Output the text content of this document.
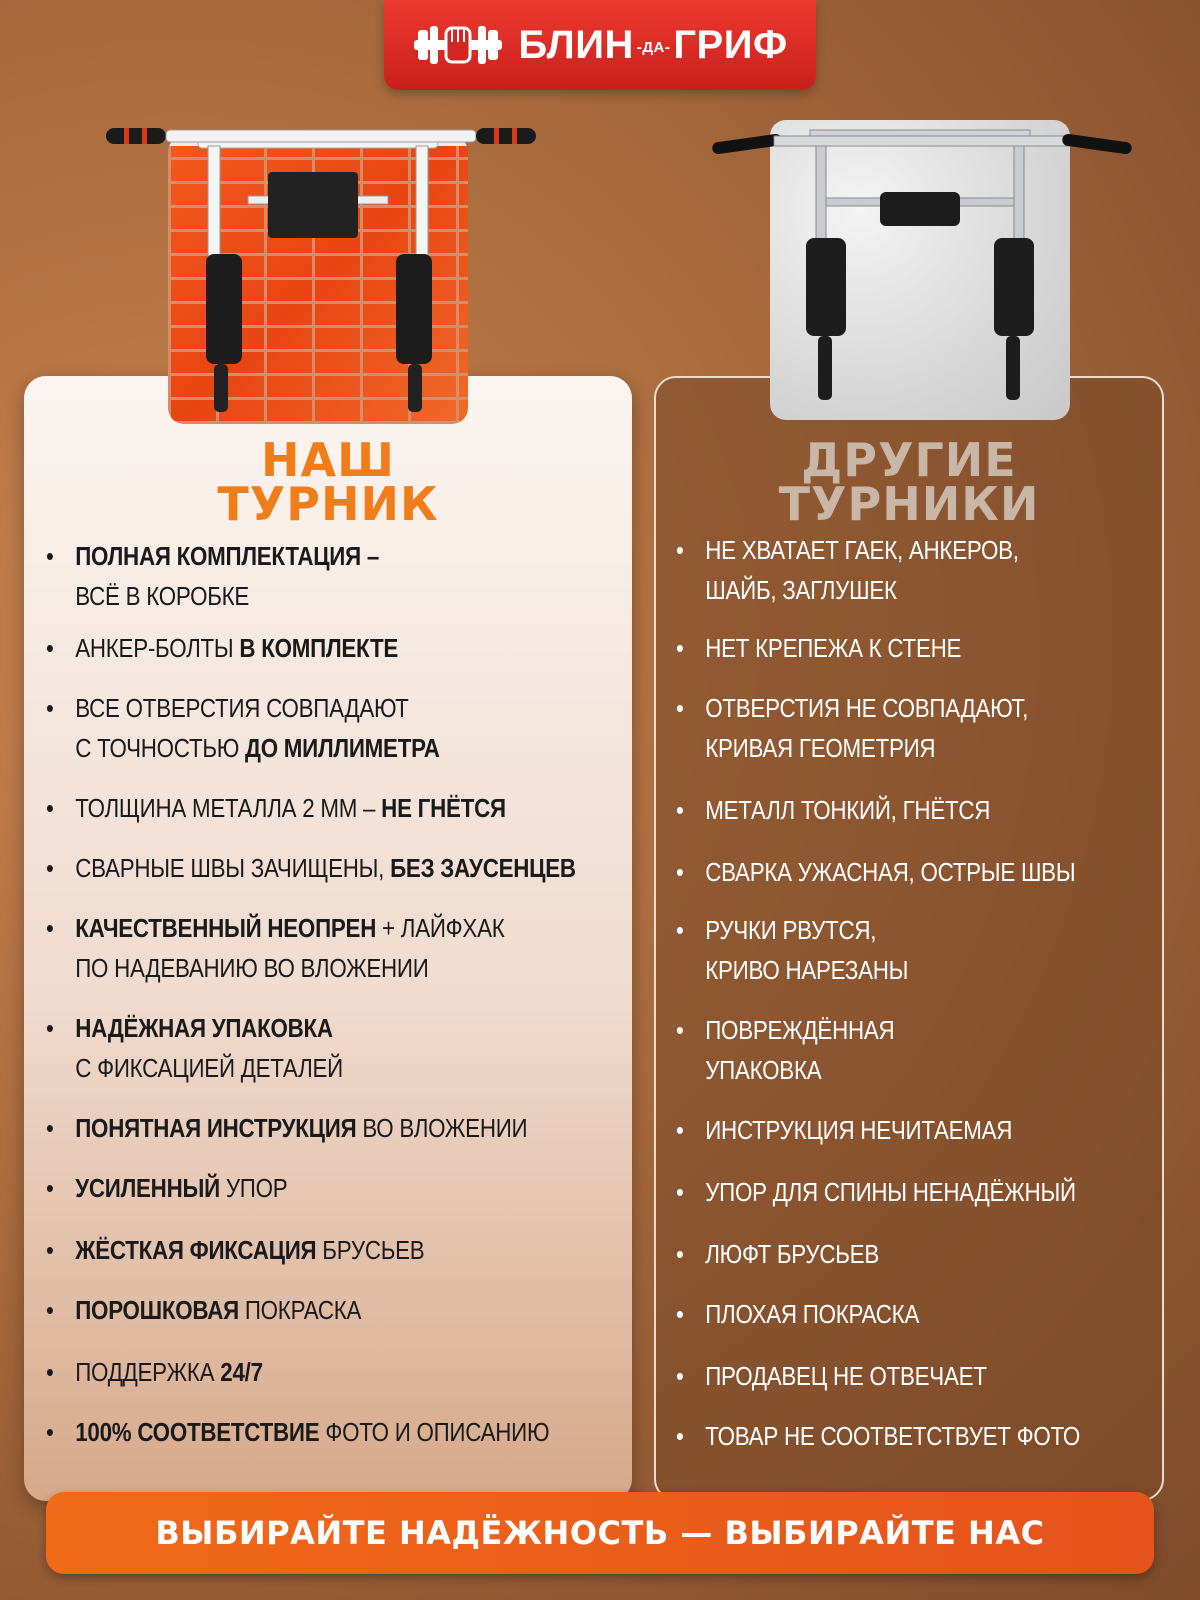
БЛИН -ДА- ГРИФ
НАШ
ТУРНИК
ДРУГИЕ
ТУРНИКИ
• ПОЛНАЯ КОМПЛЕКТАЦИЯ –
ВСЁ В КОРОБКЕ
• АНКЕР-БОЛТЫ В КОМПЛЕКТЕ
• ВСЕ ОТВЕРСТИЯ СОВПАДАЮТ
С ТОЧНОСТЬЮ ДО МИЛЛИМЕТРА
• ТОЛЩИНА МЕТАЛЛА 2 ММ – НЕ ГНЁТСЯ
• СВАРНЫЕ ШВЫ ЗАЧИЩЕНЫ, БЕЗ ЗАУСЕНЦЕВ
• КАЧЕСТВЕННЫЙ НЕОПРЕН + ЛАЙФХАК
ПО НАДЕВАНИЮ ВО ВЛОЖЕНИИ
• НАДЁЖНАЯ УПАКОВКА
С ФИКСАЦИЕЙ ДЕТАЛЕЙ
• ПОНЯТНАЯ ИНСТРУКЦИЯ ВО ВЛОЖЕНИИ
• УСИЛЕННЫЙ УПОР
• ЖЁСТКАЯ ФИКСАЦИЯ БРУСЬЕВ
• ПОРОШКОВАЯ ПОКРАСКА
• ПОДДЕРЖКА 24/7
• 100% СООТВЕТСТВИЕ ФОТО И ОПИСАНИЮ
• НЕ ХВАТАЕТ ГАЕК, АНКЕРОВ,
ШАЙБ, ЗАГЛУШЕК
• НЕТ КРЕПЕЖА К СТЕНЕ
• ОТВЕРСТИЯ НЕ СОВПАДАЮТ,
КРИВАЯ ГЕОМЕТРИЯ
• МЕТАЛЛ ТОНКИЙ, ГНЁТСЯ
• СВАРКА УЖАСНАЯ, ОСТРЫЕ ШВЫ
• РУЧКИ РВУТСЯ,
КРИВО НАРЕЗАНЫ
• ПОВРЕЖДЁННАЯ
УПАКОВКА
• ИНСТРУКЦИЯ НЕЧИТАЕМАЯ
• УПОР ДЛЯ СПИНЫ НЕНАДЁЖНЫЙ
• ЛЮФТ БРУСЬЕВ
• ПЛОХАЯ ПОКРАСКА
• ПРОДАВЕЦ НЕ ОТВЕЧАЕТ
• ТОВАР НЕ СООТВЕТСТВУЕТ ФОТО
ВЫБИРАЙТЕ НАДЁЖНОСТЬ — ВЫБИРАЙТЕ НАС
